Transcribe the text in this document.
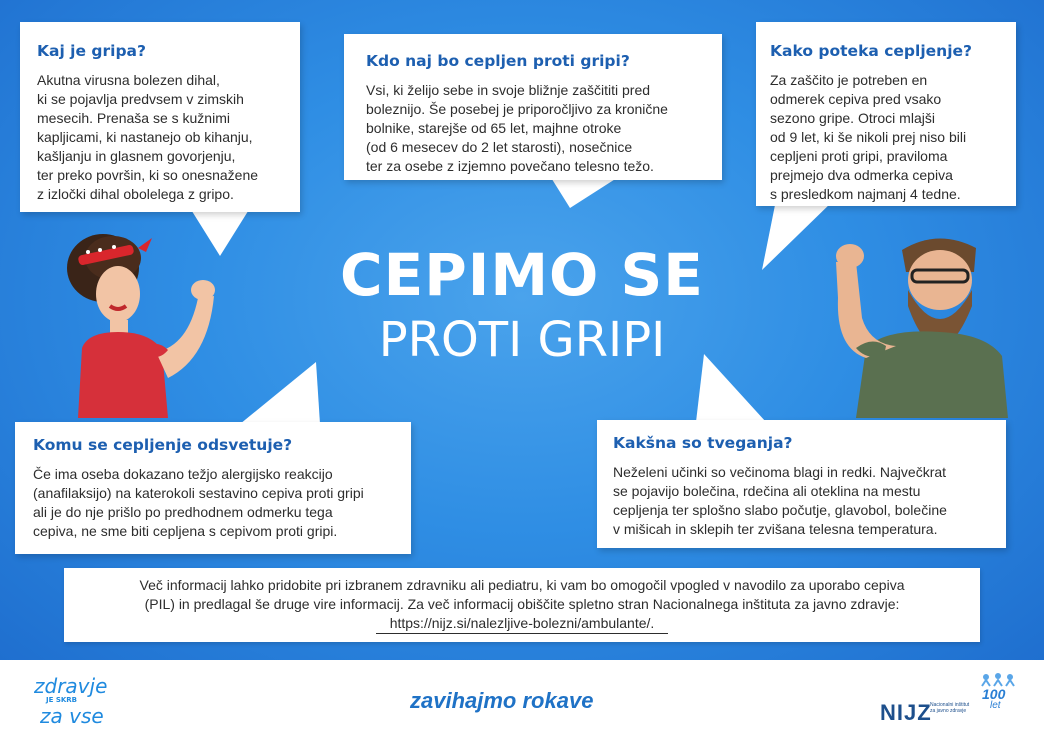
Kaj je gripa?

Akutna virusna bolezen dihal,
ki se pojavlja predvsem v zimskih
mesecih. Prenaša se s kužnimi
kapljicami, ki nastanejo ob kihanju,
kašljanju in glasnem govorjenju,
ter preko površin, ki so onesnažene
z izločki dihal obolelega z gripo.

Kdo naj bo cepljen proti gripi?

Vsi, ki želijo sebe in svoje bližnje zaščititi pred
boleznijo. Še posebej je priporočljivo za kronične
bolnike, starejše od 65 let, majhne otroke
(od 6 mesecev do 2 let starosti), nosečnice
ter za osebe z izjemno povečano telesno težo.

Kako poteka cepljenje?

Za zaščito je potreben en
odmerek cepiva pred vsako
sezono gripe. Otroci mlajši
od 9 let, ki še nikoli prej niso bili
cepljeni proti gripi, praviloma
prejmejo dva odmerka cepiva
s presledkom najmanj 4 tedne.

CEPIMO SE
PROTI GRIPI
Komu se cepljenje odsvetuje?

Če ima oseba dokazano težjo alergijsko reakcijo
(anafilaksijo) na katerokoli sestavino cepiva proti gripi
ali je do nje prišlo po predhodnem odmerku tega
cepiva, ne sme biti cepljena s cepivom proti gripi.

Kakšna so tveganja?

Neželeni učinki so večinoma blagi in redki. Največkrat
se pojavijo bolečina, rdečina ali oteklina na mestu
cepljenja ter splošno slabo počutje, glavobol, bolečine
v mišicah in sklepih ter zvišana telesna temperatura.

Več informacij lahko pridobite pri izbranem zdravniku ali pediatru, ki vam bo omogočil vpogled v navodilo za uporabo cepiva
(PIL) in predlagal še druge vire informacij. Za več informacij obiščite spletno stran Nacionalnega inštituta za javno zdravje:
https://nijz.si/nalezljive-bolezni/ambulante/.
zdravje
JE SKRB
za vse
zavihajmo rokave	NIJZ
Nacionalni inštitut
za javno zdravje
100
let
